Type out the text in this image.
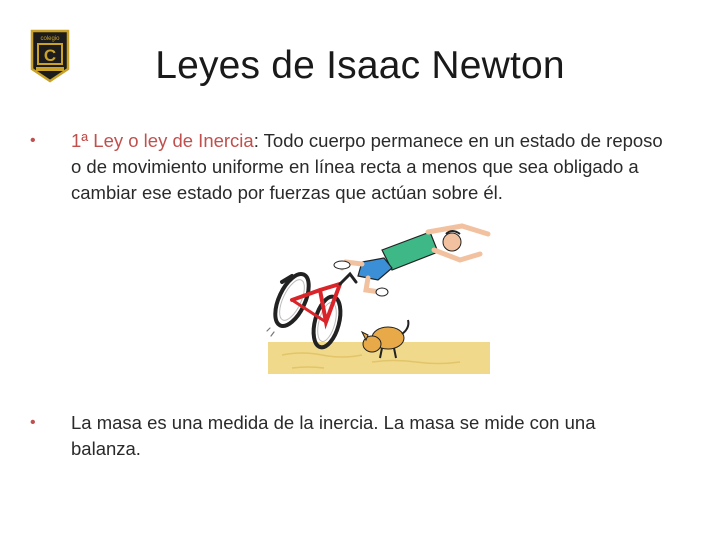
colegio
C	Leyes de Isaac Newton
•	1ª Ley o ley de Inercia: Todo cuerpo permanece en un estado de reposo o de movimiento uniforme en línea recta a menos que sea obligado a cambiar ese estado por fuerzas que actúan sobre él.
•	La masa es una medida de la inercia. La masa se mide con una balanza.
